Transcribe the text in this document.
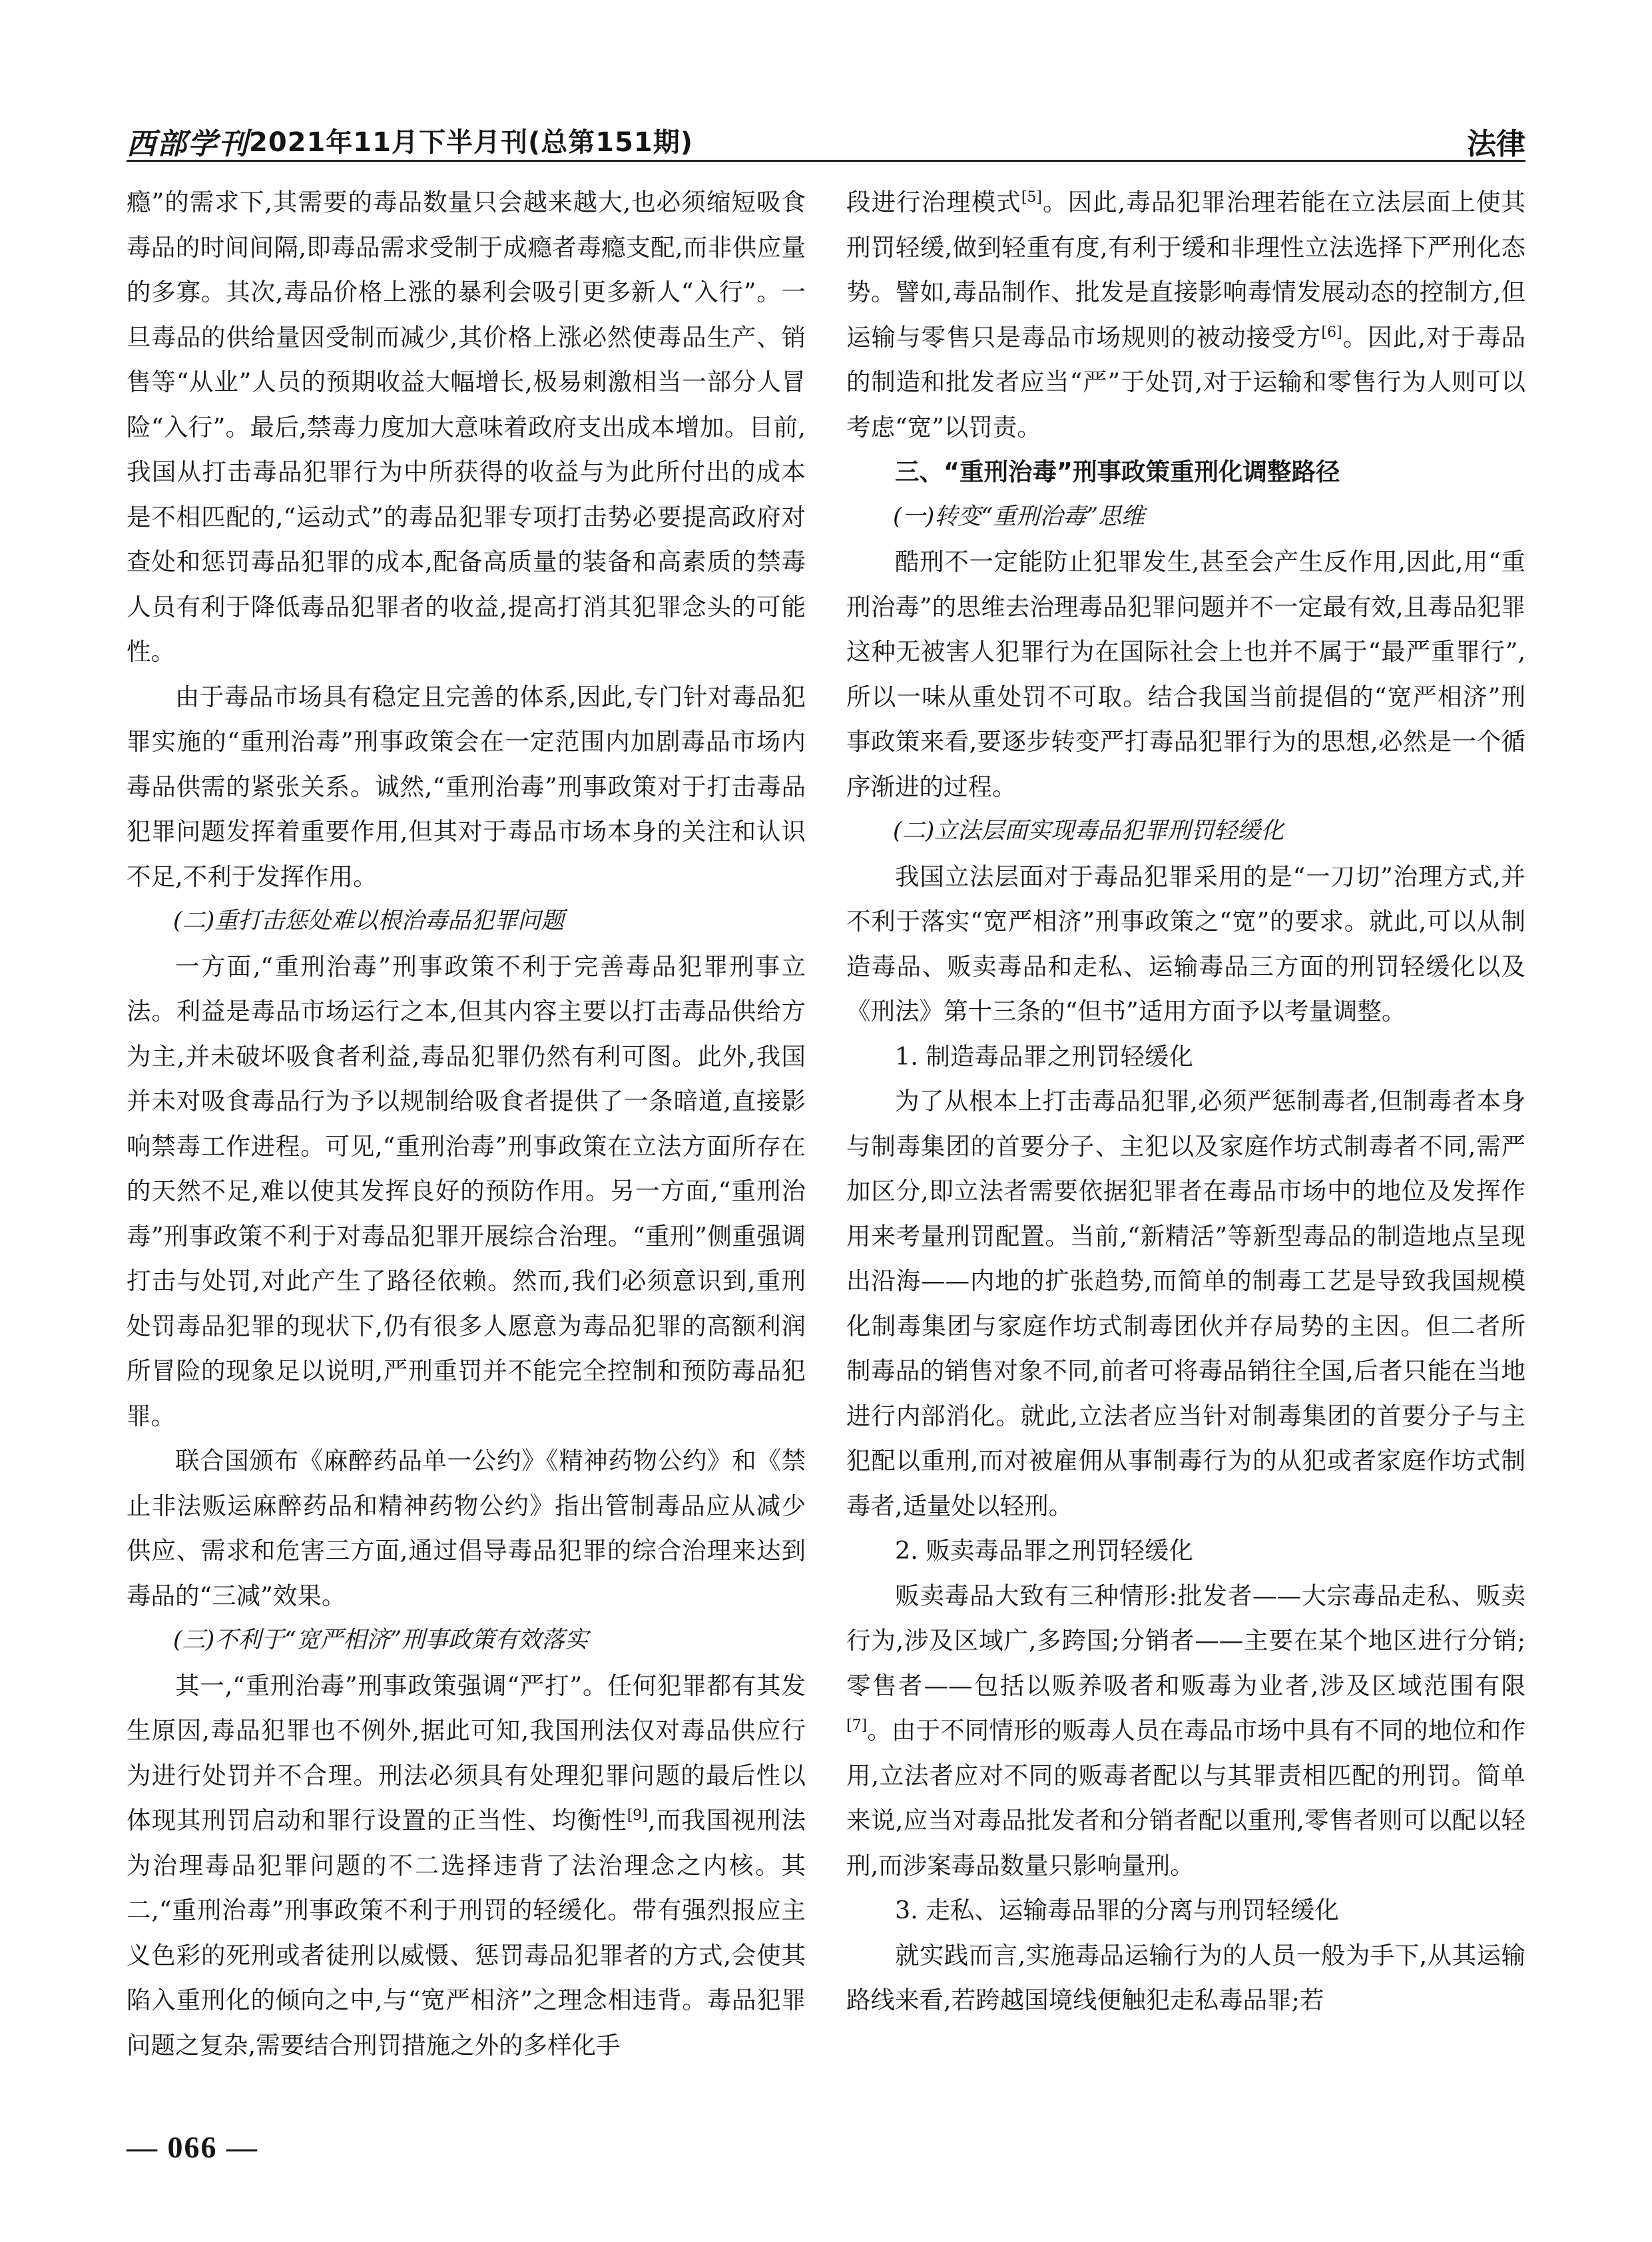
西部学刊 2021年11月下半月刊(总第151期)	法律

瘾”的需求下,其需要的毒品数量只会越来越大,也必须缩短吸食毒品的时间间隔,即毒品需求受制于成瘾者毒瘾支配,而非供应量的多寡。其次,毒品价格上涨的暴利会吸引更多新人“入行”。一旦毒品的供给量因受制而减少,其价格上涨必然使毒品生产、销售等“从业”人员的预期收益大幅增长,极易刺激相当一部分人冒险“入行”。最后,禁毒力度加大意味着政府支出成本增加。目前,我国从打击毒品犯罪行为中所获得的收益与为此所付出的成本是不相匹配的,“运动式”的毒品犯罪专项打击势必要提高政府对查处和惩罚毒品犯罪的成本,配备高质量的装备和高素质的禁毒人员有利于降低毒品犯罪者的收益,提高打消其犯罪念头的可能性。

由于毒品市场具有稳定且完善的体系,因此,专门针对毒品犯罪实施的“重刑治毒”刑事政策会在一定范围内加剧毒品市场内毒品供需的紧张关系。诚然,“重刑治毒”刑事政策对于打击毒品犯罪问题发挥着重要作用,但其对于毒品市场本身的关注和认识不足,不利于发挥作用。

(二)重打击惩处难以根治毒品犯罪问题

一方面,“重刑治毒”刑事政策不利于完善毒品犯罪刑事立法。利益是毒品市场运行之本,但其内容主要以打击毒品供给方为主,并未破坏吸食者利益,毒品犯罪仍然有利可图。此外,我国并未对吸食毒品行为予以规制给吸食者提供了一条暗道,直接影响禁毒工作进程。可见,“重刑治毒”刑事政策在立法方面所存在的天然不足,难以使其发挥良好的预防作用。另一方面,“重刑治毒”刑事政策不利于对毒品犯罪开展综合治理。“重刑”侧重强调打击与处罚,对此产生了路径依赖。然而,我们必须意识到,重刑处罚毒品犯罪的现状下,仍有很多人愿意为毒品犯罪的高额利润所冒险的现象足以说明,严刑重罚并不能完全控制和预防毒品犯罪。

联合国颁布《麻醉药品单一公约》《精神药物公约》和《禁止非法贩运麻醉药品和精神药物公约》指出管制毒品应从减少供应、需求和危害三方面,通过倡导毒品犯罪的综合治理来达到毒品的“三减”效果。

(三)不利于“宽严相济”刑事政策有效落实

其一,“重刑治毒”刑事政策强调“严打”。任何犯罪都有其发生原因,毒品犯罪也不例外,据此可知,我国刑法仅对毒品供应行为进行处罚并不合理。刑法必须具有处理犯罪问题的最后性以体现其刑罚启动和罪行设置的正当性、均衡性[9],而我国视刑法为治理毒品犯罪问题的不二选择违背了法治理念之内核。其二,“重刑治毒”刑事政策不利于刑罚的轻缓化。带有强烈报应主义色彩的死刑或者徒刑以威慑、惩罚毒品犯罪者的方式,会使其陷入重刑化的倾向之中,与“宽严相济”之理念相违背。毒品犯罪问题之复杂,需要结合刑罚措施之外的多样化手

段进行治理模式[5]。因此,毒品犯罪治理若能在立法层面上使其刑罚轻缓,做到轻重有度,有利于缓和非理性立法选择下严刑化态势。譬如,毒品制作、批发是直接影响毒情发展动态的控制方,但运输与零售只是毒品市场规则的被动接受方[6]。因此,对于毒品的制造和批发者应当“严”于处罚,对于运输和零售行为人则可以考虑“宽”以罚责。

三、“重刑治毒”刑事政策重刑化调整路径
(一)转变“重刑治毒”思维

酷刑不一定能防止犯罪发生,甚至会产生反作用,因此,用“重刑治毒”的思维去治理毒品犯罪问题并不一定最有效,且毒品犯罪这种无被害人犯罪行为在国际社会上也并不属于“最严重罪行”,所以一味从重处罚不可取。结合我国当前提倡的“宽严相济”刑事政策来看,要逐步转变严打毒品犯罪行为的思想,必然是一个循序渐进的过程。

(二)立法层面实现毒品犯罪刑罚轻缓化

我国立法层面对于毒品犯罪采用的是“一刀切”治理方式,并不利于落实“宽严相济”刑事政策之“宽”的要求。就此,可以从制造毒品、贩卖毒品和走私、运输毒品三方面的刑罚轻缓化以及《刑法》第十三条的“但书”适用方面予以考量调整。

1. 制造毒品罪之刑罚轻缓化

为了从根本上打击毒品犯罪,必须严惩制毒者,但制毒者本身与制毒集团的首要分子、主犯以及家庭作坊式制毒者不同,需严加区分,即立法者需要依据犯罪者在毒品市场中的地位及发挥作用来考量刑罚配置。当前,“新精活”等新型毒品的制造地点呈现出沿海——内地的扩张趋势,而简单的制毒工艺是导致我国规模化制毒集团与家庭作坊式制毒团伙并存局势的主因。但二者所制毒品的销售对象不同,前者可将毒品销往全国,后者只能在当地进行内部消化。就此,立法者应当针对制毒集团的首要分子与主犯配以重刑,而对被雇佣从事制毒行为的从犯或者家庭作坊式制毒者,适量处以轻刑。

2. 贩卖毒品罪之刑罚轻缓化

贩卖毒品大致有三种情形:批发者——大宗毒品走私、贩卖行为,涉及区域广,多跨国;分销者——主要在某个地区进行分销;零售者——包括以贩养吸者和贩毒为业者,涉及区域范围有限[7]。由于不同情形的贩毒人员在毒品市场中具有不同的地位和作用,立法者应对不同的贩毒者配以与其罪责相匹配的刑罚。简单来说,应当对毒品批发者和分销者配以重刑,零售者则可以配以轻刑,而涉案毒品数量只影响量刑。

3. 走私、运输毒品罪的分离与刑罚轻缓化

就实践而言,实施毒品运输行为的人员一般为手下,从其运输路线来看,若跨越国境线便触犯走私毒品罪;若

— 066 —
